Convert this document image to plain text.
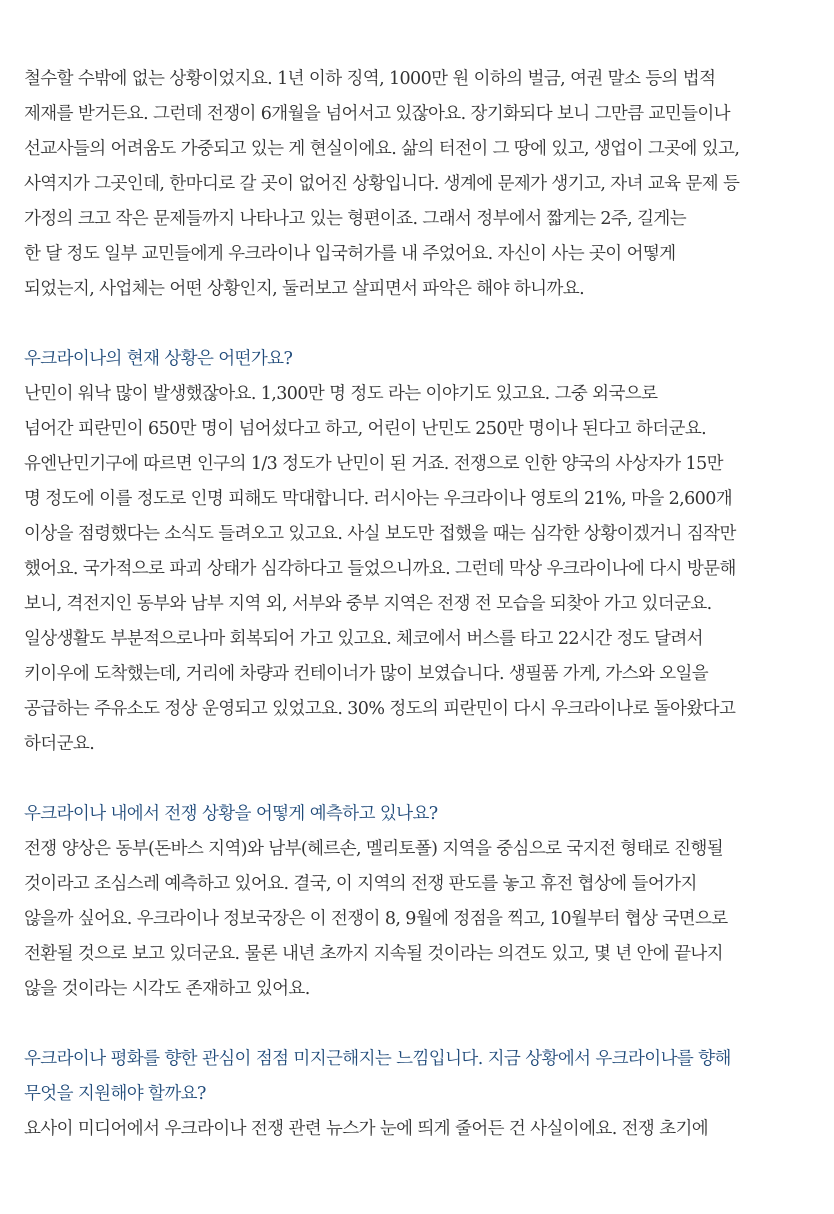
철수할 수밖에 없는 상황이었지요. 1년 이하 징역, 1000만 원 이하의 벌금, 여권 말소 등의 법적
제재를 받거든요. 그런데 전쟁이 6개월을 넘어서고 있잖아요. 장기화되다 보니 그만큼 교민들이나
선교사들의 어려움도 가중되고 있는 게 현실이에요. 삶의 터전이 그 땅에 있고, 생업이 그곳에 있고,
사역지가 그곳인데, 한마디로 갈 곳이 없어진 상황입니다. 생계에 문제가 생기고, 자녀 교육 문제 등
가정의 크고 작은 문제들까지 나타나고 있는 형편이죠. 그래서 정부에서 짧게는 2주, 길게는
한 달 정도 일부 교민들에게 우크라이나 입국허가를 내 주었어요. 자신이 사는 곳이 어떻게
되었는지, 사업체는 어떤 상황인지, 둘러보고 살피면서 파악은 해야 하니까요.
우크라이나의 현재 상황은 어떤가요?
난민이 워낙 많이 발생했잖아요. 1,300만 명 정도 라는 이야기도 있고요. 그중 외국으로
넘어간 피란민이 650만 명이 넘어섰다고 하고, 어린이 난민도 250만 명이나 된다고 하더군요.
유엔난민기구에 따르면 인구의 1/3 정도가 난민이 된 거죠. 전쟁으로 인한 양국의 사상자가 15만
명 정도에 이를 정도로 인명 피해도 막대합니다. 러시아는 우크라이나 영토의 21%, 마을 2,600개
이상을 점령했다는 소식도 들려오고 있고요. 사실 보도만 접했을 때는 심각한 상황이겠거니 짐작만
했어요. 국가적으로 파괴 상태가 심각하다고 들었으니까요. 그런데 막상 우크라이나에 다시 방문해
보니, 격전지인 동부와 남부 지역 외, 서부와 중부 지역은 전쟁 전 모습을 되찾아 가고 있더군요.
일상생활도 부분적으로나마 회복되어 가고 있고요. 체코에서 버스를 타고 22시간 정도 달려서
키이우에 도착했는데, 거리에 차량과 컨테이너가 많이 보였습니다. 생필품 가게, 가스와 오일을
공급하는 주유소도 정상 운영되고 있었고요. 30% 정도의 피란민이 다시 우크라이나로 돌아왔다고
하더군요.
우크라이나 내에서 전쟁 상황을 어떻게 예측하고 있나요?
전쟁 양상은 동부(돈바스 지역)와 남부(헤르손, 멜리토폴) 지역을 중심으로 국지전 형태로 진행될
것이라고 조심스레 예측하고 있어요. 결국, 이 지역의 전쟁 판도를 놓고 휴전 협상에 들어가지
않을까 싶어요. 우크라이나 정보국장은 이 전쟁이 8, 9월에 정점을 찍고, 10월부터 협상 국면으로
전환될 것으로 보고 있더군요. 물론 내년 초까지 지속될 것이라는 의견도 있고, 몇 년 안에 끝나지
않을 것이라는 시각도 존재하고 있어요.
우크라이나 평화를 향한 관심이 점점 미지근해지는 느낌입니다. 지금 상황에서 우크라이나를 향해
무엇을 지원해야 할까요?
요사이 미디어에서 우크라이나 전쟁 관련 뉴스가 눈에 띄게 줄어든 건 사실이에요. 전쟁 초기에
